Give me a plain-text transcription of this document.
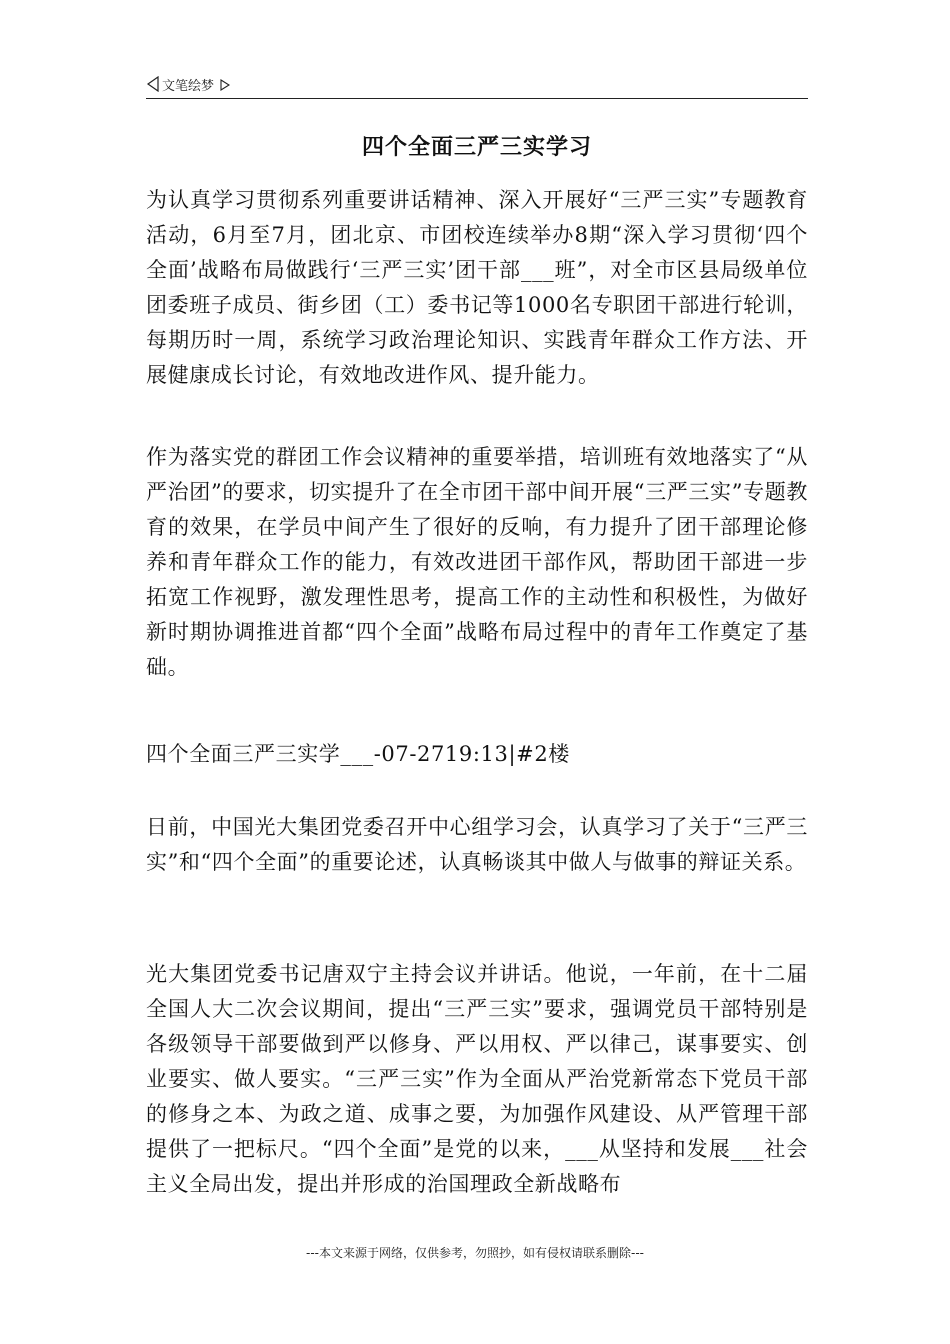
文笔绘梦
四个全面三严三实学习

为认真学习贯彻系列重要讲话精神、深入开展好“三严三实”专题教育活动，6月至7月，团北京、市团校连续举办8期“深入学习贯彻‘四个全面’战略布局做践行‘三严三实’团干部___班”，对全市区县局级单位团委班子成员、街乡团（工）委书记等1000名专职团干部进行轮训，每期历时一周，系统学习政治理论知识、实践青年群众工作方法、开展健康成长讨论，有效地改进作风、提升能力。

作为落实党的群团工作会议精神的重要举措，培训班有效地落实了“从严治团”的要求，切实提升了在全市团干部中间开展“三严三实”专题教育的效果，在学员中间产生了很好的反响，有力提升了团干部理论修养和青年群众工作的能力，有效改进团干部作风，帮助团干部进一步拓宽工作视野，激发理性思考，提高工作的主动性和积极性，为做好新时期协调推进首都“四个全面”战略布局过程中的青年工作奠定了基础。

四个全面三严三实学___-07-2719:13|#2楼

日前，中国光大集团党委召开中心组学习会，认真学习了关于“三严三实”和“四个全面”的重要论述，认真畅谈其中做人与做事的辩证关系。

光大集团党委书记唐双宁主持会议并讲话。他说，一年前，在十二届全国人大二次会议期间，提出“三严三实”要求，强调党员干部特别是各级领导干部要做到严以修身、严以用权、严以律己，谋事要实、创业要实、做人要实。“三严三实”作为全面从严治党新常态下党员干部的修身之本、为政之道、成事之要，为加强作风建设、从严管理干部提供了一把标尺。“四个全面”是党的以来，___从坚持和发展___社会主义全局出发，提出并形成的治国理政全新战略布

---本文来源于网络，仅供参考，勿照抄，如有侵权请联系删除---
